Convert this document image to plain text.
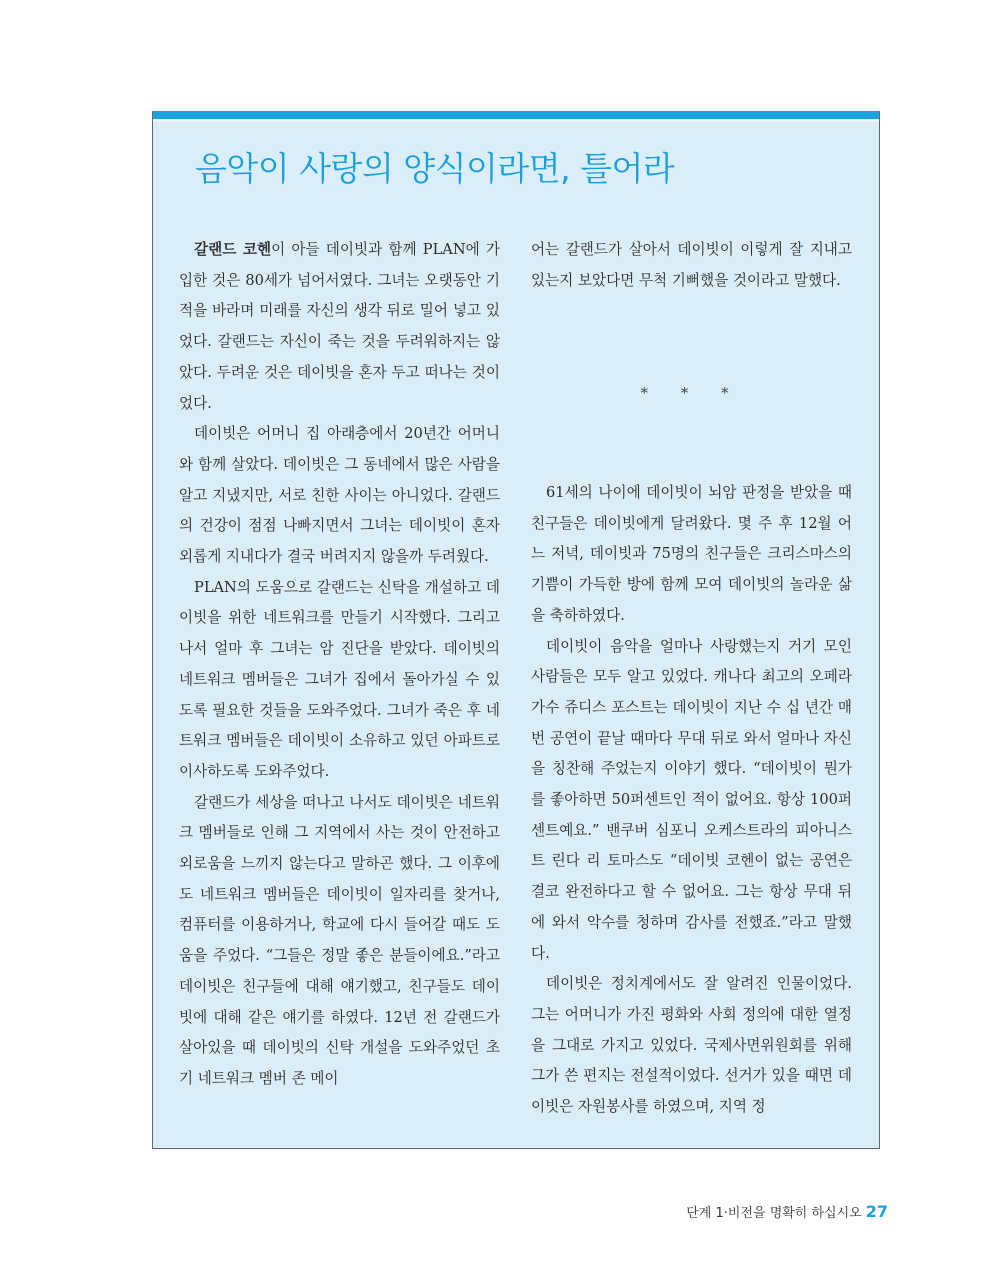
음악이 사랑의 양식이라면, 틀어라

갈랜드 코헨이 아들 데이빗과 함께 PLAN에 가입한 것은 80세가 넘어서였다. 그녀는 오랫동안 기적을 바라며 미래를 자신의 생각 뒤로 밀어 넣고 있었다. 갈랜드는 자신이 죽는 것을 두려워하지는 않았다. 두려운 것은 데이빗을 혼자 두고 떠나는 것이었다.

데이빗은 어머니 집 아래층에서 20년간 어머니와 함께 살았다. 데이빗은 그 동네에서 많은 사람을 알고 지냈지만, 서로 친한 사이는 아니었다. 갈랜드의 건강이 점점 나빠지면서 그녀는 데이빗이 혼자 외롭게 지내다가 결국 버려지지 않을까 두려웠다.

PLAN의 도움으로 갈랜드는 신탁을 개설하고 데이빗을 위한 네트워크를 만들기 시작했다. 그리고 나서 얼마 후 그녀는 암 진단을 받았다. 데이빗의 네트워크 멤버들은 그녀가 집에서 돌아가실 수 있도록 필요한 것들을 도와주었다. 그녀가 죽은 후 네트워크 멤버들은 데이빗이 소유하고 있던 아파트로 이사하도록 도와주었다.

갈랜드가 세상을 떠나고 나서도 데이빗은 네트워크 멤버들로 인해 그 지역에서 사는 것이 안전하고 외로움을 느끼지 않는다고 말하곤 했다. 그 이후에도 네트워크 멤버들은 데이빗이 일자리를 찾거나, 컴퓨터를 이용하거나, 학교에 다시 들어갈 때도 도움을 주었다. “그들은 정말 좋은 분들이에요.”라고 데이빗은 친구들에 대해 얘기했고, 친구들도 데이빗에 대해 같은 얘기를 하였다. 12년 전 갈랜드가 살아있을 때 데이빗의 신탁 개설을 도와주었던 초기 네트워크 멤버 존 메이

어는 갈랜드가 살아서 데이빗이 이렇게 잘 지내고 있는지 보았다면 무척 기뻐했을 것이라고 말했다.

* * *

61세의 나이에 데이빗이 뇌암 판정을 받았을 때 친구들은 데이빗에게 달려왔다. 몇 주 후 12월 어느 저녁, 데이빗과 75명의 친구들은 크리스마스의 기쁨이 가득한 방에 함께 모여 데이빗의 놀라운 삶을 축하하였다.

데이빗이 음악을 얼마나 사랑했는지 거기 모인 사람들은 모두 알고 있었다. 캐나다 최고의 오페라 가수 쥬디스 포스트는 데이빗이 지난 수 십 년간 매번 공연이 끝날 때마다 무대 뒤로 와서 얼마나 자신을 칭찬해 주었는지 이야기 했다. “데이빗이 뭔가를 좋아하면 50퍼센트인 적이 없어요. 항상 100퍼센트예요.” 밴쿠버 심포니 오케스트라의 피아니스트 린다 리 토마스도 “데이빗 코헨이 없는 공연은 결코 완전하다고 할 수 없어요. 그는 항상 무대 뒤에 와서 악수를 청하며 감사를 전했죠.”라고 말했다.

데이빗은 정치계에서도 잘 알려진 인물이었다. 그는 어머니가 가진 평화와 사회 정의에 대한 열정을 그대로 가지고 있었다. 국제사면위원회를 위해 그가 쓴 편지는 전설적이었다. 선거가 있을 때면 데이빗은 자원봉사를 하였으며, 지역 정

단계 1·비전을 명확히 하십시오 27
